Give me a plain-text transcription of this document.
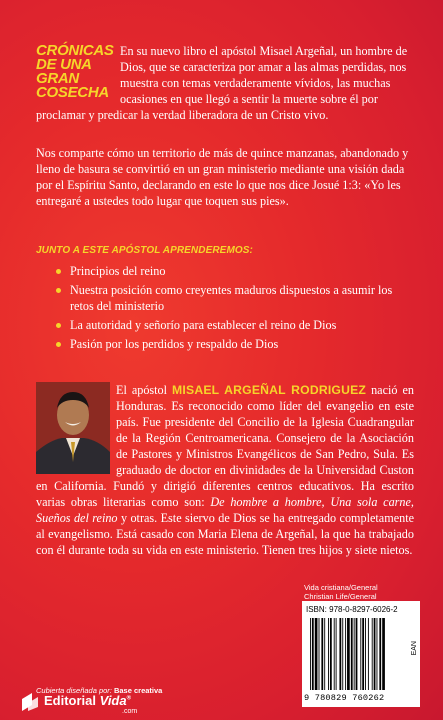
CRÓNICAS
DE UNA
GRAN
COSECHA
En su nuevo libro el apóstol Misael Argeñal, un hombre de Dios, que se caracteriza por amar a las almas perdidas, nos muestra con temas verdaderamente vívidos, las muchas ocasiones en que llegó a sentir la muerte sobre él por proclamar y predicar la verdad liberadora de un Cristo vivo.
Nos comparte cómo un territorio de más de quince manzanas, abandonado y lleno de basura se convirtió en un gran ministerio mediante una visión dada por el Espíritu Santo, declarando en este lo que nos dice Josué 1:3: «Yo les entregaré a ustedes todo lugar que toquen sus pies».
JUNTO A ESTE APÓSTOL APRENDEREMOS:
Principios del reino
Nuestra posición como creyentes maduros dispuestos a asumir los retos del ministerio
La autoridad y señorío para establecer el reino de Dios
Pasión por los perdidos y respaldo de Dios
El apóstol MISAEL ARGEÑAL RODRIGUEZ nació en Honduras. Es reconocido como líder del evangelio en este país. Fue presidente del Concilio de la Iglesia Cuadrangular de la Región Centroamericana. Consejero de la Asociación de Pastores y Ministros Evangélicos de San Pedro, Sula. Es graduado de doctor en divinidades de la Universidad Custon en California. Fundó y dirigió diferentes centros educativos. Ha escrito varias obras literarias como son: De hombre a hombre, Una sola carne, Sueños del reino y otras. Este siervo de Dios se ha entregado completamente al evangelismo. Está casado con Maria Elena de Argeñal, la que ha trabajado con él durante toda su vida en este ministerio. Tienen tres hijos y siete nietos.
Vida cristiana/General
Christian Life/General
ISBN: 978-0-8297-6026-2
EAN
9 780829 760262
Cubierta diseñada por: Base creativa
Editorial Vida®
.com
